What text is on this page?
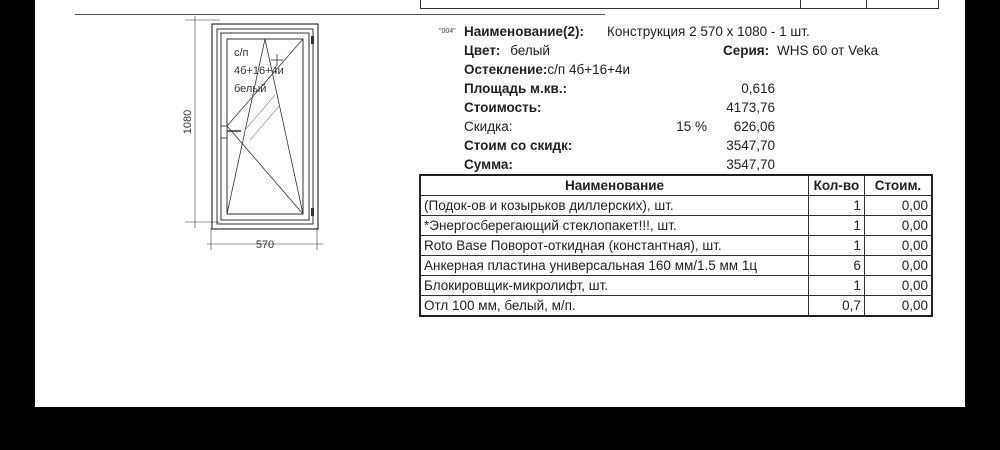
1080
570
с/п
4б+16+4и
белый
"004" Наименование(2): Конструкция 2 570 x 1080 - 1 шт.
Цвет: белый	Серия: WHS 60 от Veka
Остекление:с/п 4б+16+4и
Площадь м.кв.:	0,616
Стоимость:	4173,76
Скидка:	15 %	626,06
Стоим со скидк:	3547,70
Сумма:	3547,70
Наименование	Кол-во	Стоим.
(Подок-ов и козырьков диллерских), шт.	1	0,00
*Энергосберегающий стеклопакет!!!, шт.	1	0,00
Roto Base Поворот-откидная (константная), шт.	1	0,00
Анкерная пластина универсальная 160 мм/1.5 мм 1ц	6	0,00
Блокировщик-микролифт, шт.	1	0,00
Отл 100 мм, белый, м/п.	0,7	0,00
